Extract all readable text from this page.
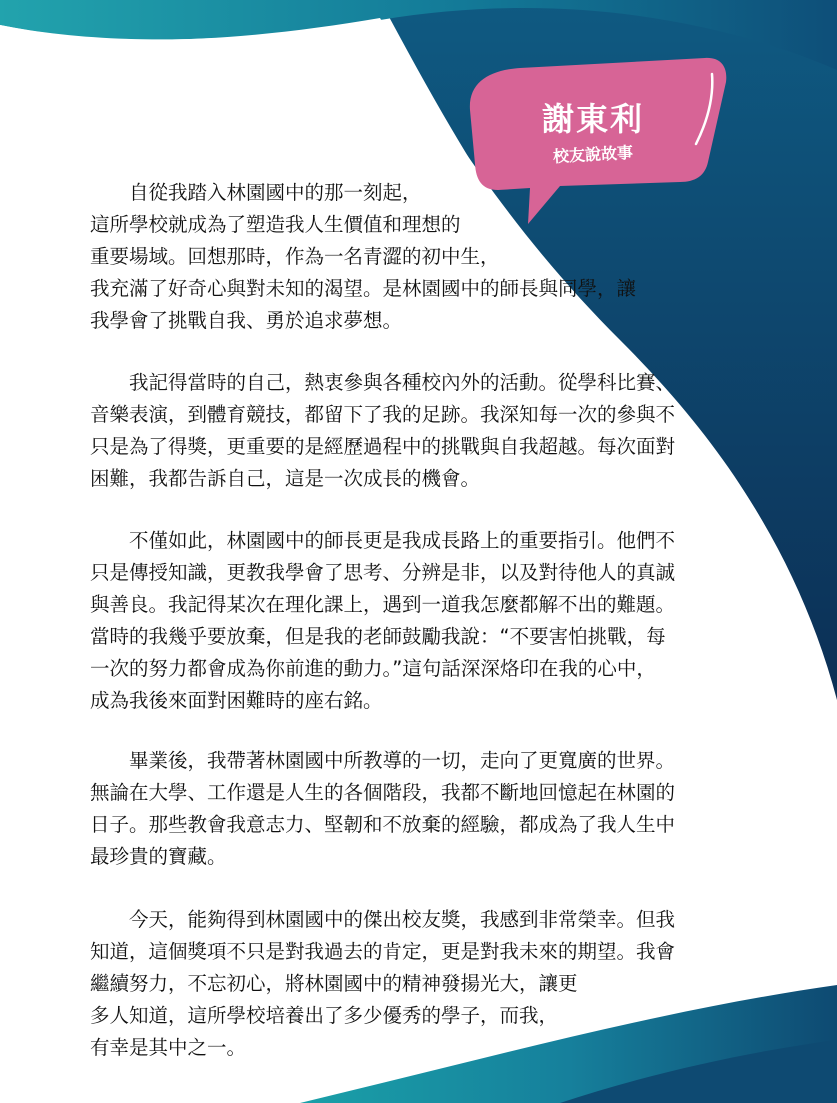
謝東利
校友說故事
自從我踏入林園國中的那一刻起，
這所學校就成為了塑造我人生價值和理想的
重要場域。回想那時，作為一名青澀的初中生，
我充滿了好奇心與對未知的渴望。是林園國中的師長與同學，讓
我學會了挑戰自我、勇於追求夢想。
我記得當時的自己，熱衷參與各種校內外的活動。從學科比賽、
音樂表演，到體育競技，都留下了我的足跡。我深知每一次的參與不
只是為了得獎，更重要的是經歷過程中的挑戰與自我超越。每次面對
困難，我都告訴自己，這是一次成長的機會。
不僅如此，林園國中的師長更是我成長路上的重要指引。他們不
只是傳授知識，更教我學會了思考、分辨是非，以及對待他人的真誠
與善良。我記得某次在理化課上，遇到一道我怎麼都解不出的難題。
當時的我幾乎要放棄，但是我的老師鼓勵我說：“不要害怕挑戰，每
一次的努力都會成為你前進的動力。”這句話深深烙印在我的心中，
成為我後來面對困難時的座右銘。
畢業後，我帶著林園國中所教導的一切，走向了更寬廣的世界。
無論在大學、工作還是人生的各個階段，我都不斷地回憶起在林園的
日子。那些教會我意志力、堅韌和不放棄的經驗，都成為了我人生中
最珍貴的寶藏。
今天，能夠得到林園國中的傑出校友獎，我感到非常榮幸。但我
知道，這個獎項不只是對我過去的肯定，更是對我未來的期望。我會
繼續努力，不忘初心，將林園國中的精神發揚光大，讓更
多人知道，這所學校培養出了多少優秀的學子，而我，
有幸是其中之一。
